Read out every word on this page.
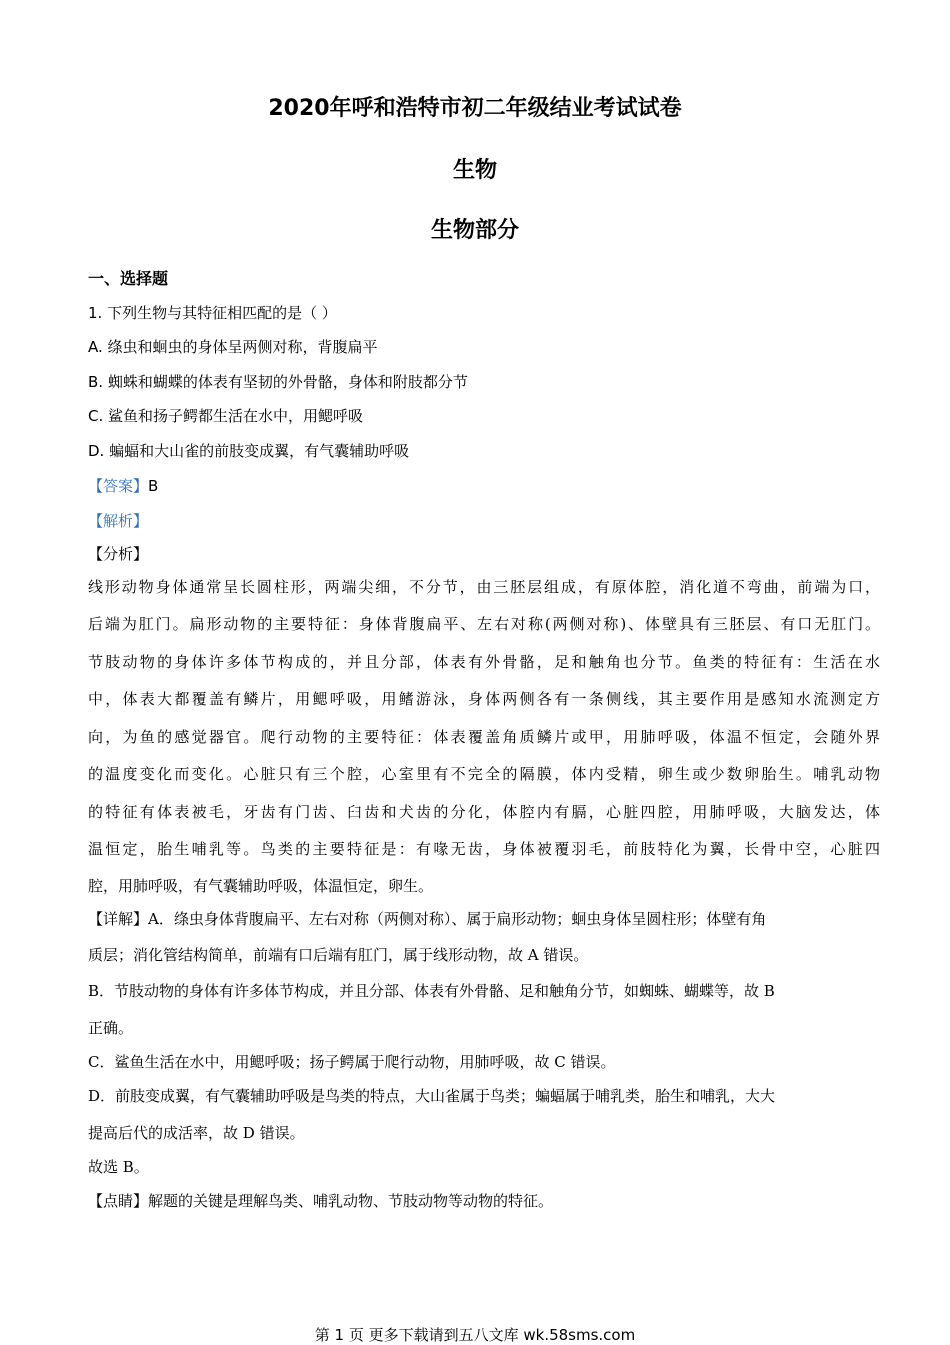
2020年呼和浩特市初二年级结业考试试卷
生物
生物部分
一、选择题
1. 下列生物与其特征相匹配的是（ ）
A. 绦虫和蛔虫的身体呈两侧对称，背腹扁平
B. 蜘蛛和蝴蝶的体表有坚韧的外骨骼，身体和附肢都分节
C. 鲨鱼和扬子鳄都生活在水中，用鳃呼吸
D. 蝙蝠和大山雀的前肢变成翼，有气囊辅助呼吸
【答案】B
【解析】
【分析】
线形动物身体通常呈长圆柱形，两端尖细，不分节，由三胚层组成，有原体腔，消化道不弯曲，前端为口，
后端为肛门。扁形动物的主要特征：身体背腹扁平、左右对称(两侧对称)、体壁具有三胚层、有口无肛门。
节肢动物的身体许多体节构成的，并且分部，体表有外骨骼，足和触角也分节。鱼类的特征有：生活在水
中，体表大都覆盖有鳞片，用鳃呼吸，用鳍游泳，身体两侧各有一条侧线，其主要作用是感知水流测定方
向，为鱼的感觉器官。爬行动物的主要特征：体表覆盖角质鳞片或甲，用肺呼吸，体温不恒定，会随外界
的温度变化而变化。心脏只有三个腔，心室里有不完全的隔膜，体内受精，卵生或少数卵胎生。哺乳动物
的特征有体表被毛，牙齿有门齿、臼齿和犬齿的分化，体腔内有膈，心脏四腔，用肺呼吸，大脑发达，体
温恒定，胎生哺乳等。鸟类的主要特征是：有喙无齿，身体被覆羽毛，前肢特化为翼，长骨中空，心脏四
腔，用肺呼吸，有气囊辅助呼吸，体温恒定，卵生。
【详解】A．绦虫身体背腹扁平、左右对称（两侧对称）、属于扁形动物；蛔虫身体呈圆柱形；体壁有角
质层；消化管结构简单，前端有口后端有肛门，属于线形动物，故 A 错误。
B．节肢动物的身体有许多体节构成，并且分部、体表有外骨骼、足和触角分节，如蜘蛛、蝴蝶等，故 B
正确。
C．鲨鱼生活在水中，用鳃呼吸；扬子鳄属于爬行动物，用肺呼吸，故 C 错误。
D．前肢变成翼，有气囊辅助呼吸是鸟类的特点，大山雀属于鸟类；蝙蝠属于哺乳类，胎生和哺乳，大大
提高后代的成活率，故 D 错误。
故选 B。
【点睛】解题的关键是理解鸟类、哺乳动物、节肢动物等动物的特征。
第 1 页 更多下载请到五八文库 wk.58sms.com
